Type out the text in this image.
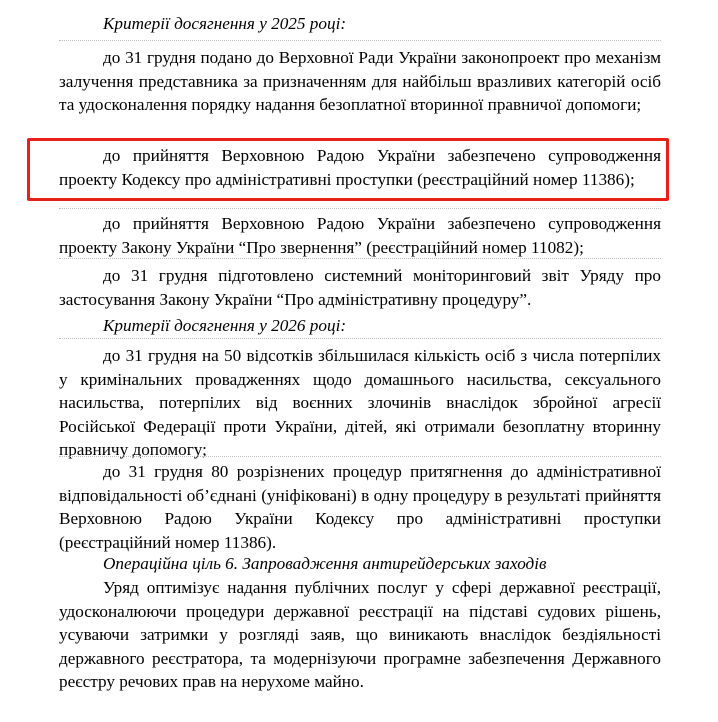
Критерії досягнення у 2025 році:
до 31 грудня подано до Верховної Ради України законопроект про механізм залучення представника за призначенням для найбільш вразливих категорій осіб та удосконалення порядку надання безоплатної вторинної правничої допомоги;
до прийняття Верховною Радою України забезпечено супроводження проекту Кодексу про адміністративні проступки (реєстраційний номер 11386);
до прийняття Верховною Радою України забезпечено супроводження проекту Закону України “Про звернення” (реєстраційний номер 11082);
до 31 грудня підготовлено системний моніторинговий звіт Уряду про застосування Закону України “Про адміністративну процедуру”.
Критерії досягнення у 2026 році:
до 31 грудня на 50 відсотків збільшилася кількість осіб з числа потерпілих у кримінальних провадженнях щодо домашнього насильства, сексуального насильства, потерпілих від воєнних злочинів внаслідок збройної агресії Російської Федерації проти України, дітей, які отримали безоплатну вторинну правничу допомогу;
до 31 грудня 80 розрізнених процедур притягнення до адміністративної відповідальності об’єднані (уніфіковані) в одну процедуру в результаті прийняття Верховною Радою України Кодексу про адміністративні проступки (реєстраційний номер 11386).
Операційна ціль 6. Запровадження антирейдерських заходів
Уряд оптимізує надання публічних послуг у сфері державної реєстрації, удосконалюючи процедури державної реєстрації на підставі судових рішень, усуваючи затримки у розгляді заяв, що виникають внаслідок бездіяльності державного реєстратора, та модернізуючи програмне забезпечення Державного реєстру речових прав на нерухоме майно.
